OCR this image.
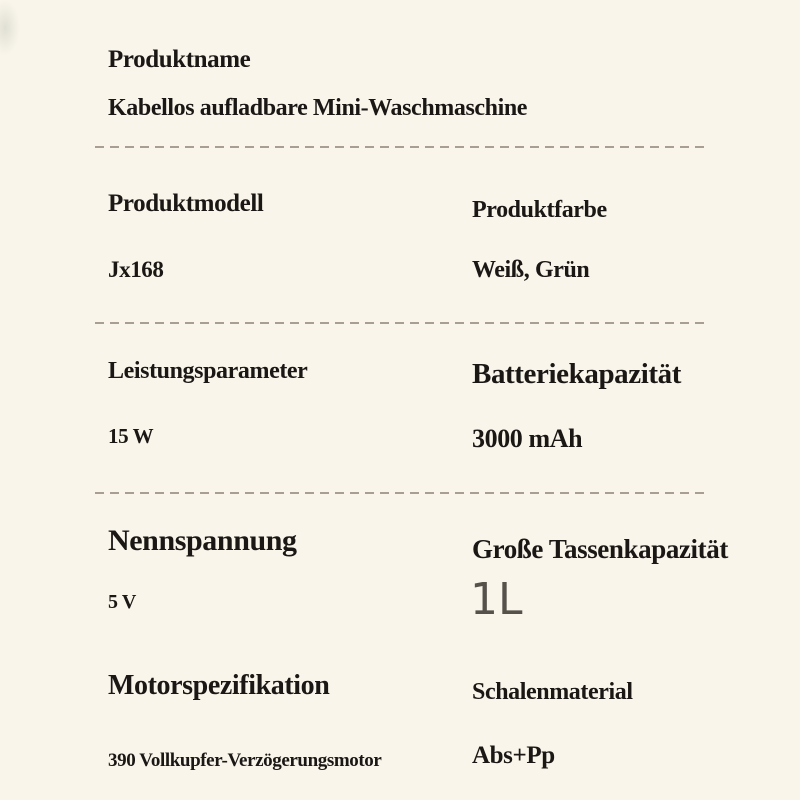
Produktname
Kabellos aufladbare Mini-Waschmaschine
Produktmodell	Produktfarbe
Jx168	Weiß, Grün
Leistungsparameter	Batteriekapazität
15 W	3000 mAh
Nennspannung	Große Tassenkapazität
5 V	1L
Motorspezifikation	Schalenmaterial
390 Vollkupfer-Verzögerungsmotor	Abs+Pp
